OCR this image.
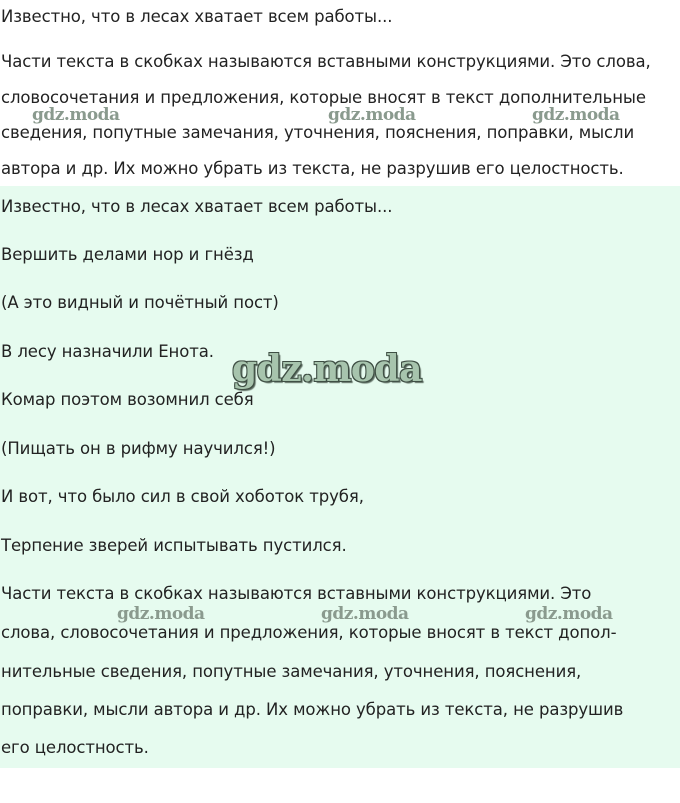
Известно, что в лесах хватает всем работы...
Части текста в скобках называются вставными конструкциями. Это слова,
словосочетания и предложения, которые вносят в текст дополнительные
сведения, попутные замечания, уточнения, пояснения, поправки, мысли
автора и др. Их можно убрать из текста, не разрушив его целостность.
Известно, что в лесах хватает всем работы...
Вершить делами нор и гнёзд
(А это видный и почётный пост)
В лесу назначили Енота.
Комар поэтом возомнил себя
(Пищать он в рифму научился!)
И вот, что было сил в свой хоботок трубя,
Терпение зверей испытывать пустился.
Части текста в скобках называются вставными конструкциями. Это
слова, словосочетания и предложения, которые вносят в текст допол-
нительные сведения, попутные замечания, уточнения, пояснения,
поправки, мысли автора и др. Их можно убрать из текста, не разрушив
его целостность.
gdz.moda	gdz.moda	gdz.moda
gdz.moda
gdz.moda	gdz.moda	gdz.moda
